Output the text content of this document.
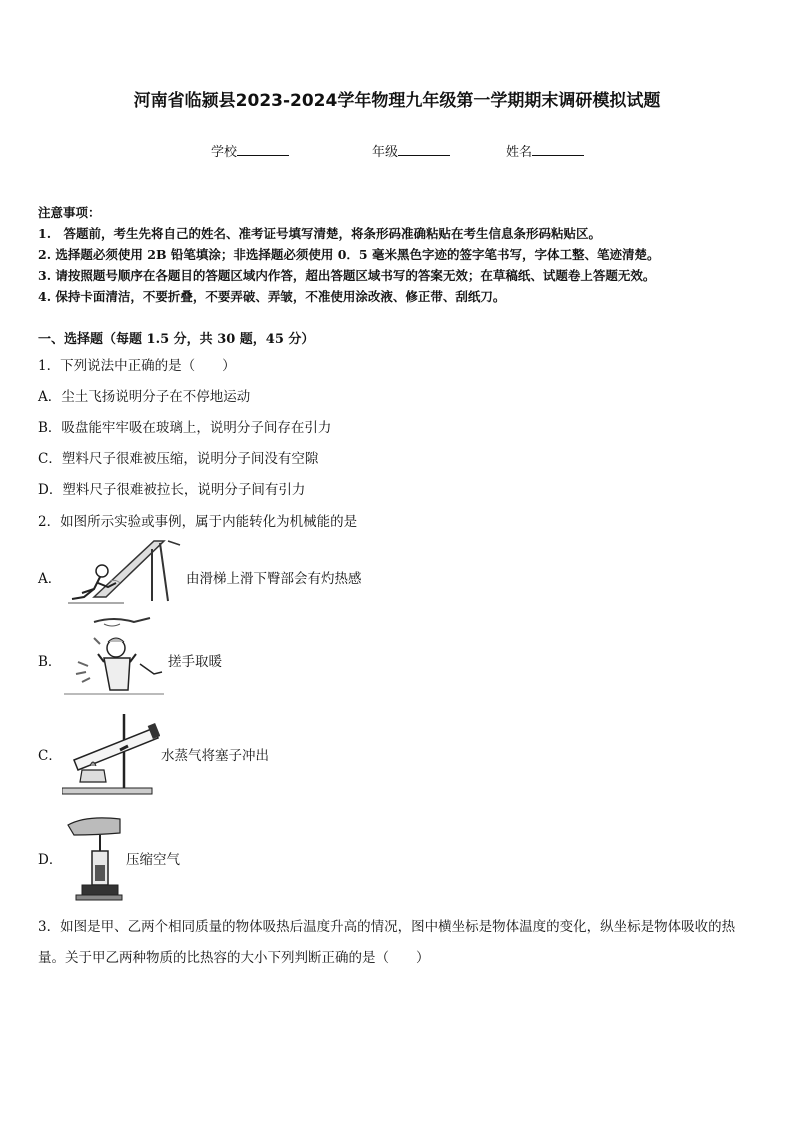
河南省临颍县2023-2024学年物理九年级第一学期期末调研模拟试题
学校	年级	姓名
注意事项：
1.　答题前，考生先将自己的姓名、准考证号填写清楚，将条形码准确粘贴在考生信息条形码粘贴区。
2. 选择题必须使用 2B 铅笔填涂；非选择题必须使用 0．5 毫米黑色字迹的签字笔书写，字体工整、笔迹清楚。
3. 请按照题号顺序在各题目的答题区域内作答，超出答题区域书写的答案无效；在草稿纸、试题卷上答题无效。
4. 保持卡面清洁，不要折叠，不要弄破、弄皱，不准使用涂改液、修正带、刮纸刀。
一、选择题（每题 1.5 分，共 30 题，45 分）
1．下列说法中正确的是（　　）
A．尘土飞扬说明分子在不停地运动
B．吸盘能牢牢吸在玻璃上，说明分子间存在引力
C．塑料尺子很难被压缩，说明分子间没有空隙
D．塑料尺子很难被拉长，说明分子间有引力
2．如图所示实验或事例，属于内能转化为机械能的是
A．	由滑梯上滑下臀部会有灼热感
B．	搓手取暖
C．	水蒸气将塞子冲出
D．	压缩空气
3．如图是甲、乙两个相同质量的物体吸热后温度升高的情况，图中横坐标是物体温度的变化，纵坐标是物体吸收的热
量。关于甲乙两种物质的比热容的大小下列判断正确的是（　　）
